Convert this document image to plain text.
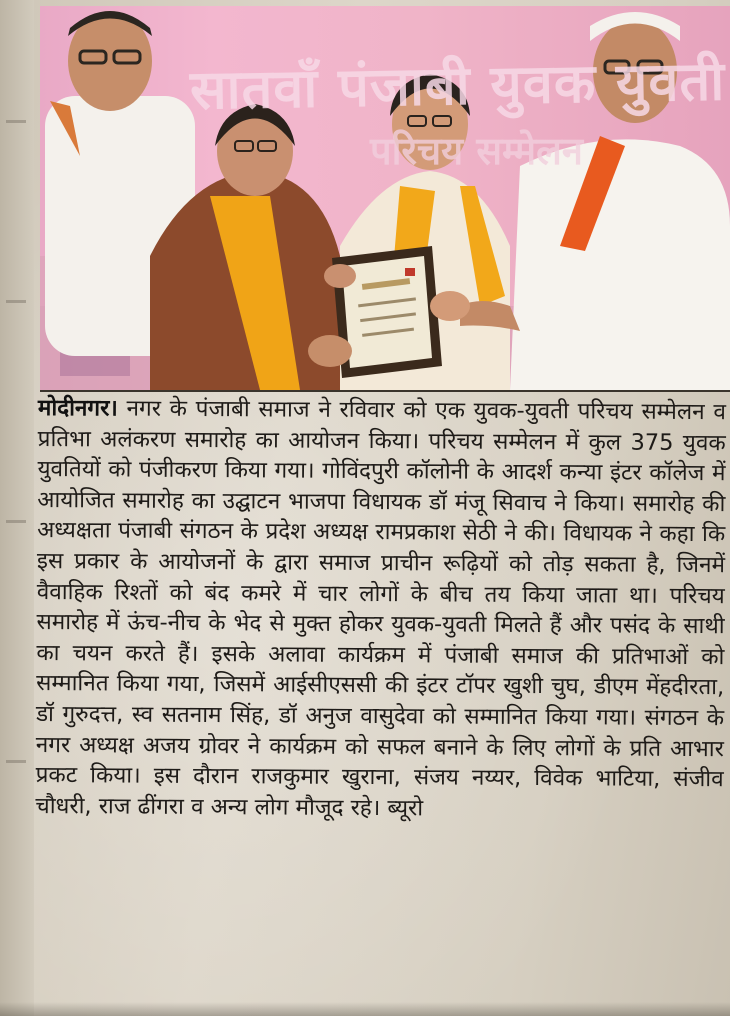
सातवाँ पंजाबी युवक युवती
परिचय सम्मेलन
मोदीनगर। नगर के पंजाबी समाज ने रविवार को एक युवक-युवती परिचय सम्मेलन व प्रतिभा अलंकरण समारोह का आयोजन किया। परिचय सम्मेलन में कुल 375 युवक युवतियों को पंजीकरण किया गया। गोविंदपुरी कॉलोनी के आदर्श कन्या इंटर कॉलेज में आयोजित समारोह का उद्घाटन भाजपा विधायक डॉ मंजू सिवाच ने किया। समारोह की अध्यक्षता पंजाबी संगठन के प्रदेश अध्यक्ष रामप्रकाश सेठी ने की। विधायक ने कहा कि इस प्रकार के आयोजनों के द्वारा समाज प्राचीन रूढ़ियों को तोड़ सकता है, जिनमें वैवाहिक रिश्तों को बंद कमरे में चार लोगों के बीच तय किया जाता था। परिचय समारोह में ऊंच-नीच के भेद से मुक्त होकर युवक-युवती मिलते हैं और पसंद के साथी का चयन करते हैं। इसके अलावा कार्यक्रम में पंजाबी समाज की प्रतिभाओं को सम्मानित किया गया, जिसमें आईसीएससी की इंटर टॉपर खुशी चुघ, डीएम मेंहदीरता, डॉ गुरुदत्त, स्व सतनाम सिंह, डॉ अनुज वासुदेवा को सम्मानित किया गया। संगठन के नगर अध्यक्ष अजय ग्रोवर ने कार्यक्रम को सफल बनाने के लिए लोगों के प्रति आभार प्रकट किया। इस दौरान राजकुमार खुराना, संजय नय्यर, विवेक भाटिया, संजीव चौधरी, राज ढींगरा व अन्य लोग मौजूद रहे। ब्यूरो
